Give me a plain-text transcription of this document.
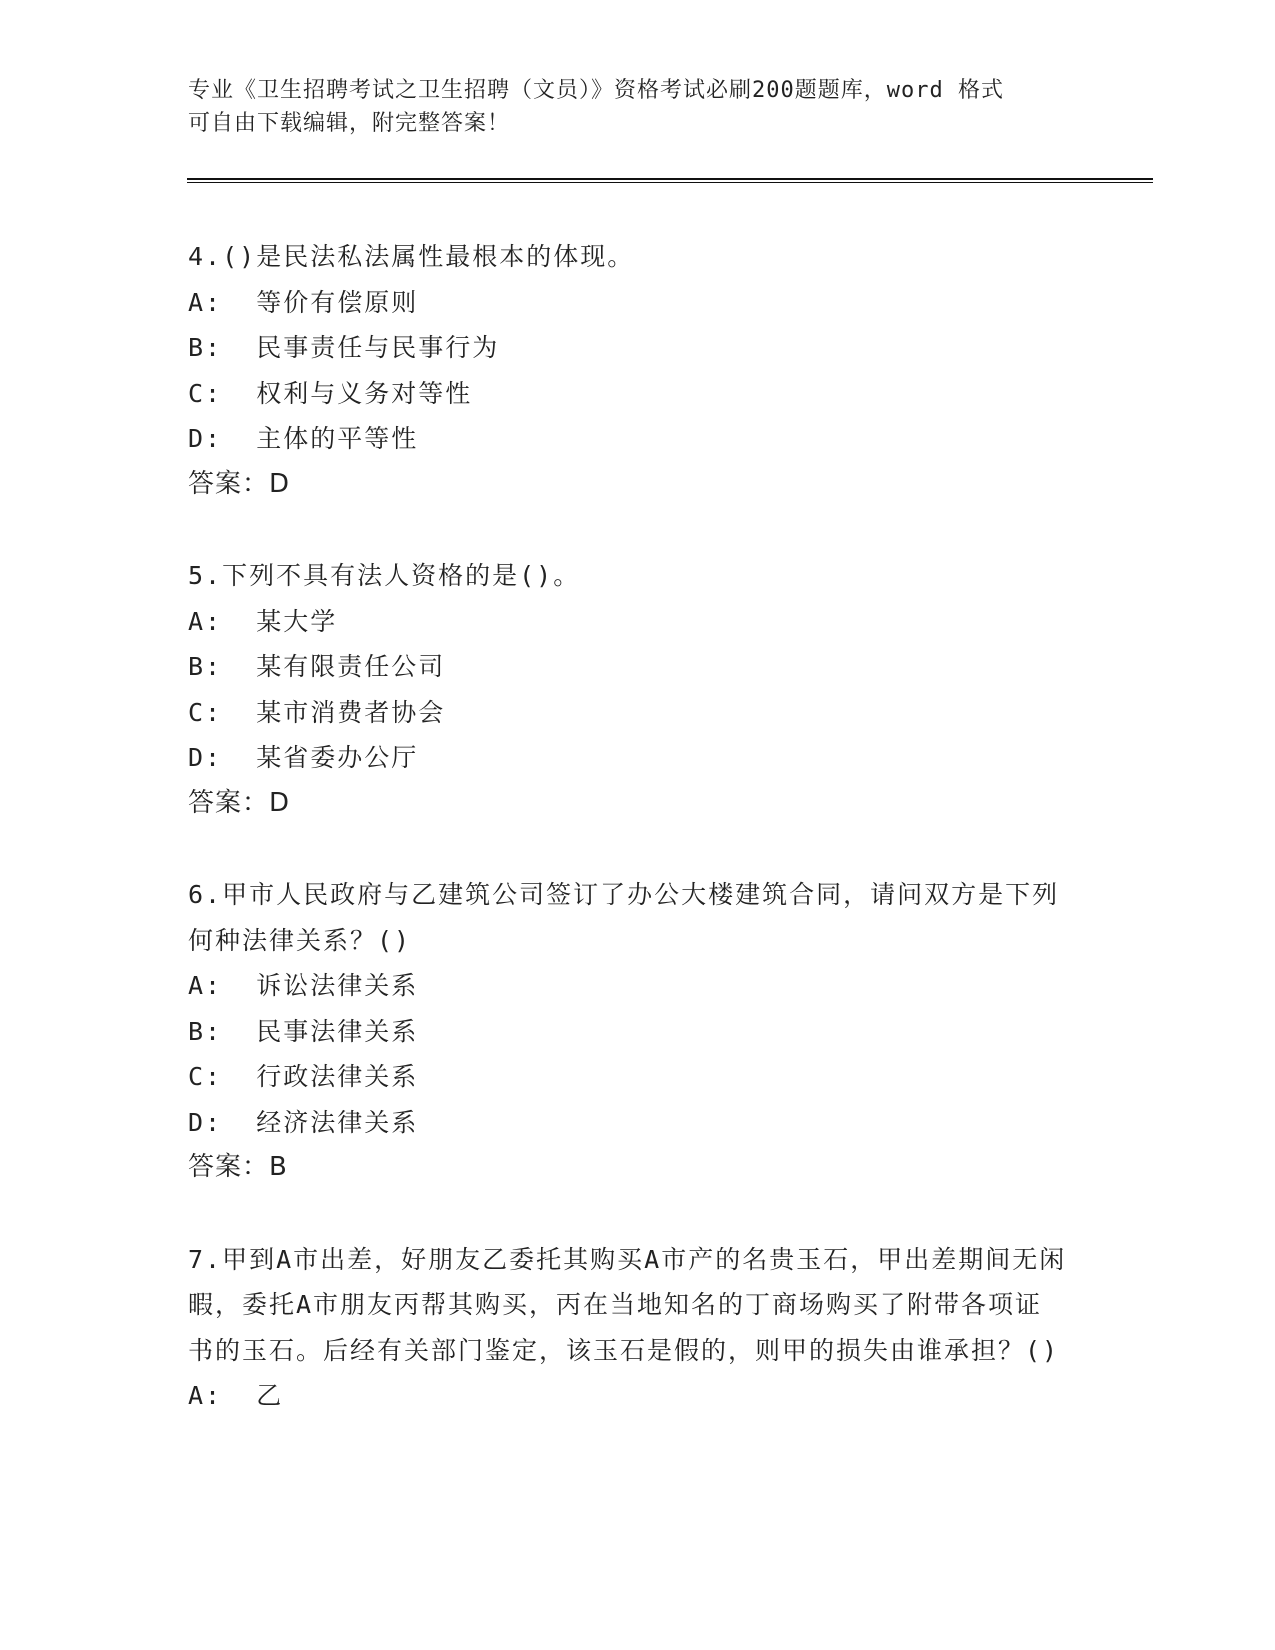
专业《卫生招聘考试之卫生招聘（文员）》资格考试必刷200题题库，word 格式
可自由下载编辑，附完整答案！
4.()是民法私法属性最根本的体现。
A:  等价有偿原则
B:  民事责任与民事行为
C:  权利与义务对等性
D:  主体的平等性
答案：D
5.下列不具有法人资格的是()。
A:  某大学
B:  某有限责任公司
C:  某市消费者协会
D:  某省委办公厅
答案：D
6.甲市人民政府与乙建筑公司签订了办公大楼建筑合同，请问双方是下列何种法律关系？()
A:  诉讼法律关系
B:  民事法律关系
C:  行政法律关系
D:  经济法律关系
答案：B
7.甲到A市出差，好朋友乙委托其购买A市产的名贵玉石，甲出差期间无闲暇，委托A市朋友丙帮其购买，丙在当地知名的丁商场购买了附带各项证书的玉石。后经有关部门鉴定，该玉石是假的，则甲的损失由谁承担？()
A:  乙
